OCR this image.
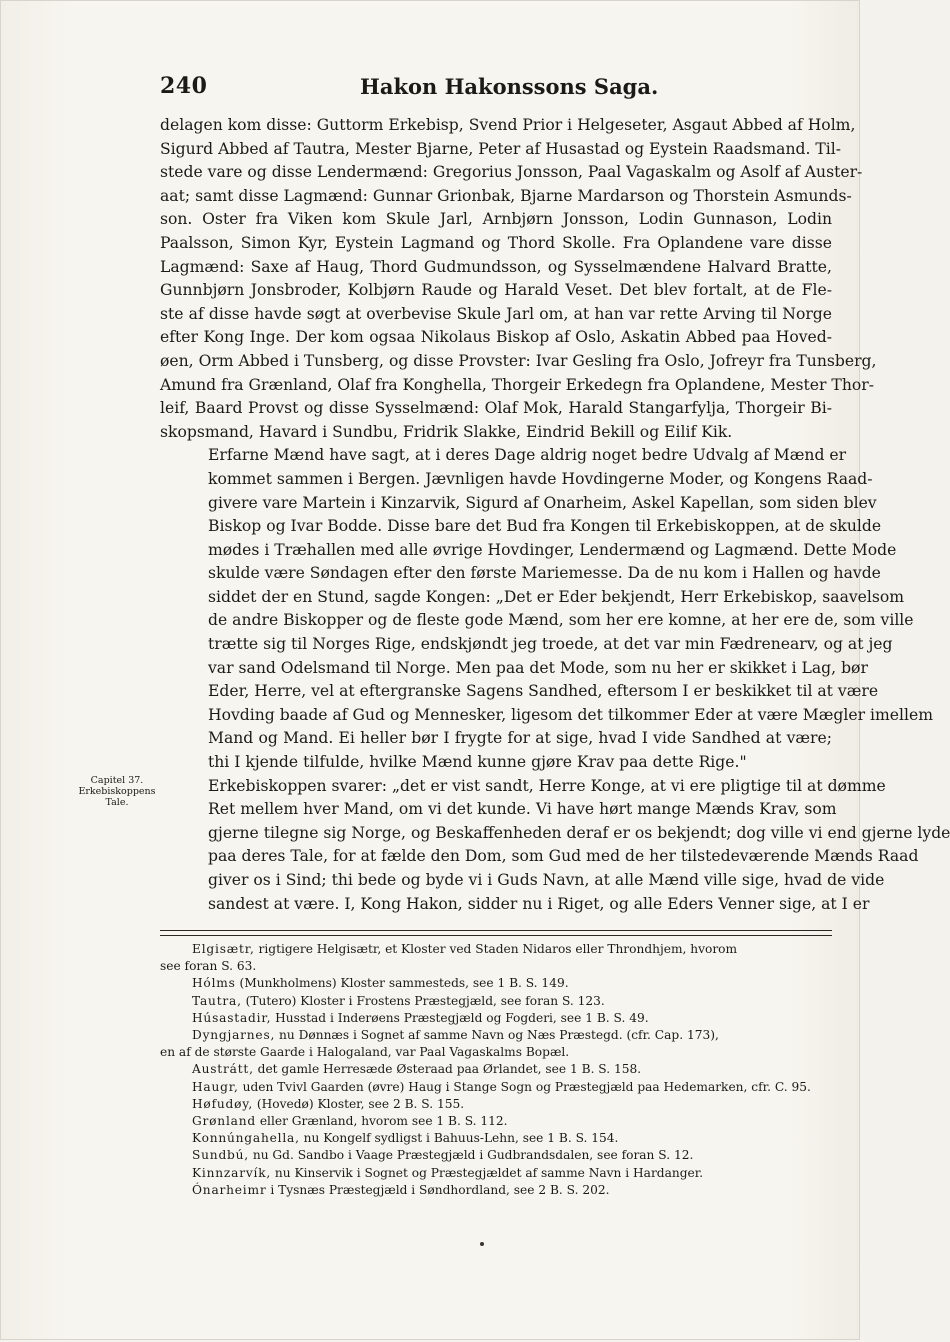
240	Hakon Hakonssons Saga.

delagen kom disse: Guttorm Erkebisp, Svend Prior i Helgeseter, Asgaut Abbed af Holm,
Sigurd Abbed af Tautra, Mester Bjarne, Peter af Husastad og Eystein Raadsmand. Til-
stede vare og disse Lendermænd: Gregorius Jonsson, Paal Vagaskalm og Asolf af Auster-
aat; samt disse Lagmænd: Gunnar Grionbak, Bjarne Mardarson og Thorstein Asmunds-
son. Oster fra Viken kom Skule Jarl, Arnbjørn Jonsson, Lodin Gunnason, Lodin
Paalsson, Simon Kyr, Eystein Lagmand og Thord Skolle. Fra Oplandene vare disse
Lagmænd: Saxe af Haug, Thord Gudmundsson, og Sysselmændene Halvard Bratte,
Gunnbjørn Jonsbroder, Kolbjørn Raude og Harald Veset. Det blev fortalt, at de Fle-
ste af disse havde søgt at overbevise Skule Jarl om, at han var rette Arving til Norge
efter Kong Inge. Der kom ogsaa Nikolaus Biskop af Oslo, Askatin Abbed paa Hoved-
øen, Orm Abbed i Tunsberg, og disse Provster: Ivar Gesling fra Oslo, Jofreyr fra Tunsberg,
Amund fra Grænland, Olaf fra Konghella, Thorgeir Erkedegn fra Oplandene, Mester Thor-
leif, Baard Provst og disse Sysselmænd: Olaf Mok, Harald Stangarfylja, Thorgeir Bi-
skopsmand, Havard i Sundbu, Fridrik Slakke, Eindrid Bekill og Eilif Kik.

Erfarne Mænd have sagt, at i deres Dage aldrig noget bedre Udvalg af Mænd er
kommet sammen i Bergen. Jævnligen havde Hovdingerne Moder, og Kongens Raad-
givere vare Martein i Kinzarvik, Sigurd af Onarheim, Askel Kapellan, som siden blev
Biskop og Ivar Bodde. Disse bare det Bud fra Kongen til Erkebiskoppen, at de skulde
mødes i Træhallen med alle øvrige Hovdinger, Lendermænd og Lagmænd. Dette Mode
skulde være Søndagen efter den første Mariemesse. Da de nu kom i Hallen og havde
siddet der en Stund, sagde Kongen: „Det er Eder bekjendt, Herr Erkebiskop, saavelsom
de andre Biskopper og de fleste gode Mænd, som her ere komne, at her ere de, som ville
trætte sig til Norges Rige, endskjøndt jeg troede, at det var min Fædrenearv, og at jeg
var sand Odelsmand til Norge. Men paa det Mode, som nu her er skikket i Lag, bør
Eder, Herre, vel at eftergranske Sagens Sandhed, eftersom I er beskikket til at være
Hovding baade af Gud og Mennesker, ligesom det tilkommer Eder at være Mægler imellem
Mand og Mand. Ei heller bør I frygte for at sige, hvad I vide Sandhed at være;
thi I kjende tilfulde, hvilke Mænd kunne gjøre Krav paa dette Rige."

Erkebiskoppen svarer: „det er vist sandt, Herre Konge, at vi ere pligtige til at dømme
Ret mellem hver Mand, om vi det kunde. Vi have hørt mange Mænds Krav, som
gjerne tilegne sig Norge, og Beskaffenheden deraf er os bekjendt; dog ville vi end gjerne lyde
paa deres Tale, for at fælde den Dom, som Gud med de her tilstedeværende Mænds Raad
giver os i Sind; thi bede og byde vi i Guds Navn, at alle Mænd ville sige, hvad de vide
sandest at være. I, Kong Hakon, sidder nu i Riget, og alle Eders Venner sige, at I er

Capitel 37.
Erkebiskoppens
Tale.
Elgisætr, rigtigere Helgisætr, et Kloster ved Staden Nidaros eller Throndhjem, hvorom
see foran S. 63.
Hólms (Munkholmens) Kloster sammesteds, see 1 B. S. 149.
Tautra, (Tutero) Kloster i Frostens Præstegjæld, see foran S. 123.
Húsastadir, Husstad i Inderøens Præstegjæld og Fogderi, see 1 B. S. 49.
Dyngjarnes, nu Dønnæs i Sognet af samme Navn og Næs Præstegd. (cfr. Cap. 173),
en af de største Gaarde i Halogaland, var Paal Vagaskalms Bopæl.
Austrátt, det gamle Herresæde Østeraad paa Ørlandet, see 1 B. S. 158.
Haugr, uden Tvivl Gaarden (øvre) Haug i Stange Sogn og Præstegjæld paa Hedemarken, cfr. C. 95.
Høfudøy, (Hovedø) Kloster, see 2 B. S. 155.
Grønland eller Grænland, hvorom see 1 B. S. 112.
Konnúngahella, nu Kongelf sydligst i Bahuus-Lehn, see 1 B. S. 154.
Sundbú, nu Gd. Sandbo i Vaage Præstegjæld i Gudbrandsdalen, see foran S. 12.
Kinnzarvík, nu Kinservik i Sognet og Præstegjældet af samme Navn i Hardanger.
Ónarheimr i Tysnæs Præstegjæld i Søndhordland, see 2 B. S. 202.
